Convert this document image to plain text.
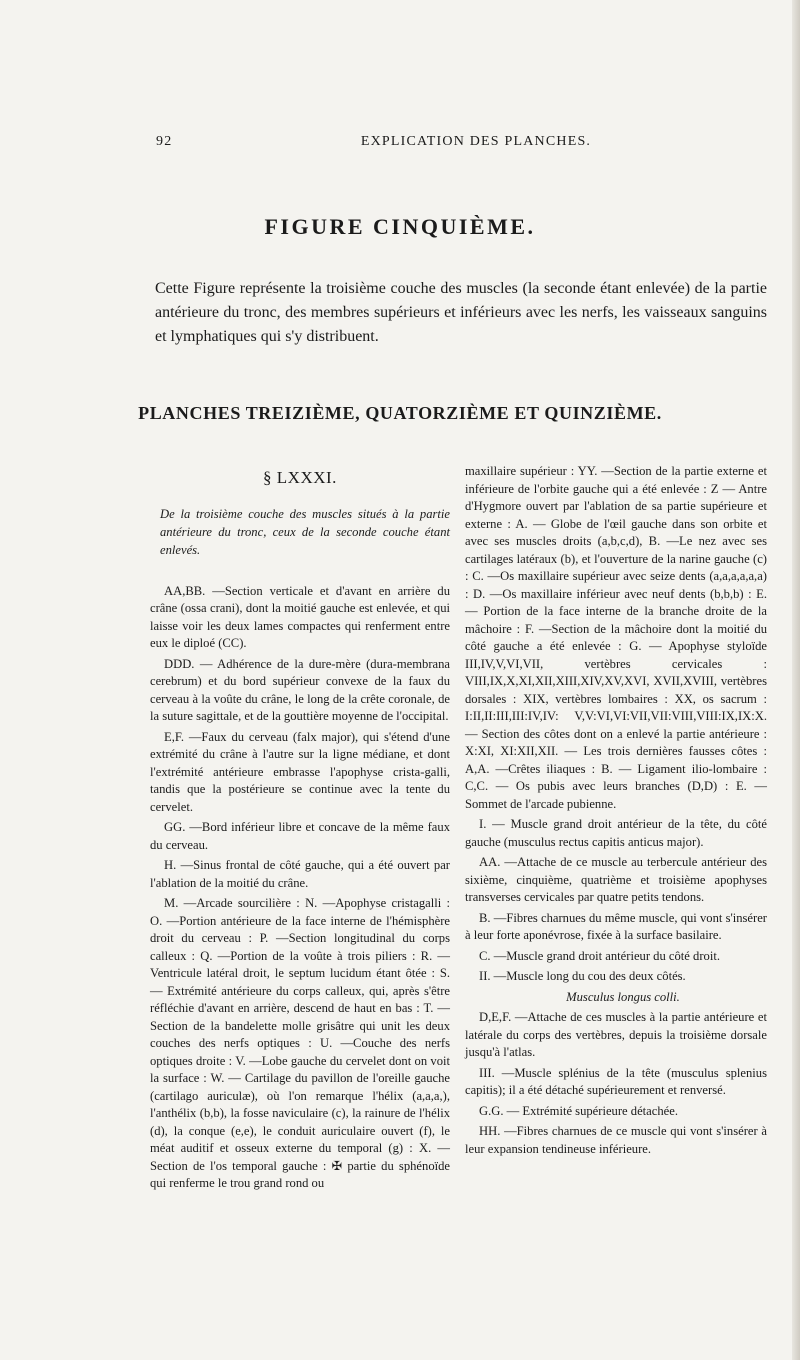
92	EXPLICATION DES PLANCHES.
FIGURE CINQUIÈME.
Cette Figure représente la troisième couche des muscles (la seconde étant enlevée) de la partie antérieure du tronc, des membres supérieurs et inférieurs avec les nerfs, les vaisseaux sanguins et lymphatiques qui s'y distribuent.
PLANCHES TREIZIÈME, QUATORZIÈME ET QUINZIÈME.
§ LXXXI.
De la troisième couche des muscles situés à la partie antérieure du tronc, ceux de la seconde couche étant enlevés.

AA,BB. —Section verticale et d'avant en arrière du crâne (ossa crani), dont la moitié gauche est enlevée, et qui laisse voir les deux lames compactes qui renferment entre eux le diploé (CC).

DDD. — Adhérence de la dure-mère (dura-membrana cerebrum) et du bord supérieur convexe de la faux du cerveau à la voûte du crâne, le long de la crête coronale, de la suture sagittale, et de la gouttière moyenne de l'occipital.

E,F. —Faux du cerveau (falx major), qui s'étend d'une extrémité du crâne à l'autre sur la ligne médiane, et dont l'extrémité antérieure embrasse l'apophyse crista-galli, tandis que la postérieure se continue avec la tente du cervelet.

GG. —Bord inférieur libre et concave de la même faux du cerveau.

H. —Sinus frontal de côté gauche, qui a été ouvert par l'ablation de la moitié du crâne.

M. —Arcade sourcilière : N. —Apophyse cristagalli : O. —Portion antérieure de la face interne de l'hémisphère droit du cerveau : P. —Section longitudinal du corps calleux : Q. —Portion de la voûte à trois piliers : R. — Ventricule latéral droit, le septum lucidum étant ôtée : S. — Extrémité antérieure du corps calleux, qui, après s'être réfléchie d'avant en arrière, descend de haut en bas : T. — Section de la bandelette molle grisâtre qui unit les deux couches des nerfs optiques : U. —Couche des nerfs optiques droite : V. —Lobe gauche du cervelet dont on voit la surface : W. — Cartilage du pavillon de l'oreille gauche (cartilago auriculæ), où l'on remarque l'hélix (a,a,a,), l'anthélix (b,b), la fosse naviculaire (c), la rainure de l'hélix (d), la conque (e,e), le conduit auriculaire ouvert (f), le méat auditif et osseux externe du temporal (g) : X. — Section de l'os temporal gauche : ✠ partie du sphénoïde qui renferme le trou grand rond ou

maxillaire supérieur : YY. —Section de la partie externe et inférieure de l'orbite gauche qui a été enlevée : Z — Antre d'Hygmore ouvert par l'ablation de sa partie supérieure et externe : A. — Globe de l'œil gauche dans son orbite et avec ses muscles droits (a,b,c,d), B. —Le nez avec ses cartilages latéraux (b), et l'ouverture de la narine gauche (c) : C. —Os maxillaire supérieur avec seize dents (a,a,a,a,a,a) : D. —Os maxillaire inférieur avec neuf dents (b,b,b) : E. — Portion de la face interne de la branche droite de la mâchoire : F. —Section de la mâchoire dont la moitié du côté gauche a été enlevée : G. — Apophyse styloïde III,IV,V,VI,VII, vertèbres cervicales : VIII,IX,X,XI,XII,XIII,XIV,XV,XVI, XVII,XVIII, vertèbres dorsales : XIX, vertèbres lombaires : XX, os sacrum : I:II,II:III,III:IV,IV: V,V:VI,VI:VII,VII:VIII,VIII:IX,IX:X. — Section des côtes dont on a enlevé la partie antérieure : X:XI, XI:XII,XII. — Les trois dernières fausses côtes : A,A. —Crêtes iliaques : B. — Ligament ilio-lombaire : C,C. — Os pubis avec leurs branches (D,D) : E. — Sommet de l'arcade pubienne.

I. — Muscle grand droit antérieur de la tête, du côté gauche (musculus rectus capitis anticus major).

AA. —Attache de ce muscle au terbercule antérieur des sixième, cinquième, quatrième et troisième apophyses transverses cervicales par quatre petits tendons.

B. —Fibres charnues du même muscle, qui vont s'insérer à leur forte aponévrose, fixée à la surface basilaire.

C. —Muscle grand droit antérieur du côté droit.

II. —Muscle long du cou des deux côtés.

Musculus longus colli.

D,E,F. —Attache de ces muscles à la partie antérieure et latérale du corps des vertèbres, depuis la troisième dorsale jusqu'à l'atlas.

III. —Muscle splénius de la tête (musculus splenius capitis); il a été détaché supérieurement et renversé.

G.G. — Extrémité supérieure détachée.

HH. —Fibres charnues de ce muscle qui vont s'insérer à leur expansion tendineuse inférieure.
